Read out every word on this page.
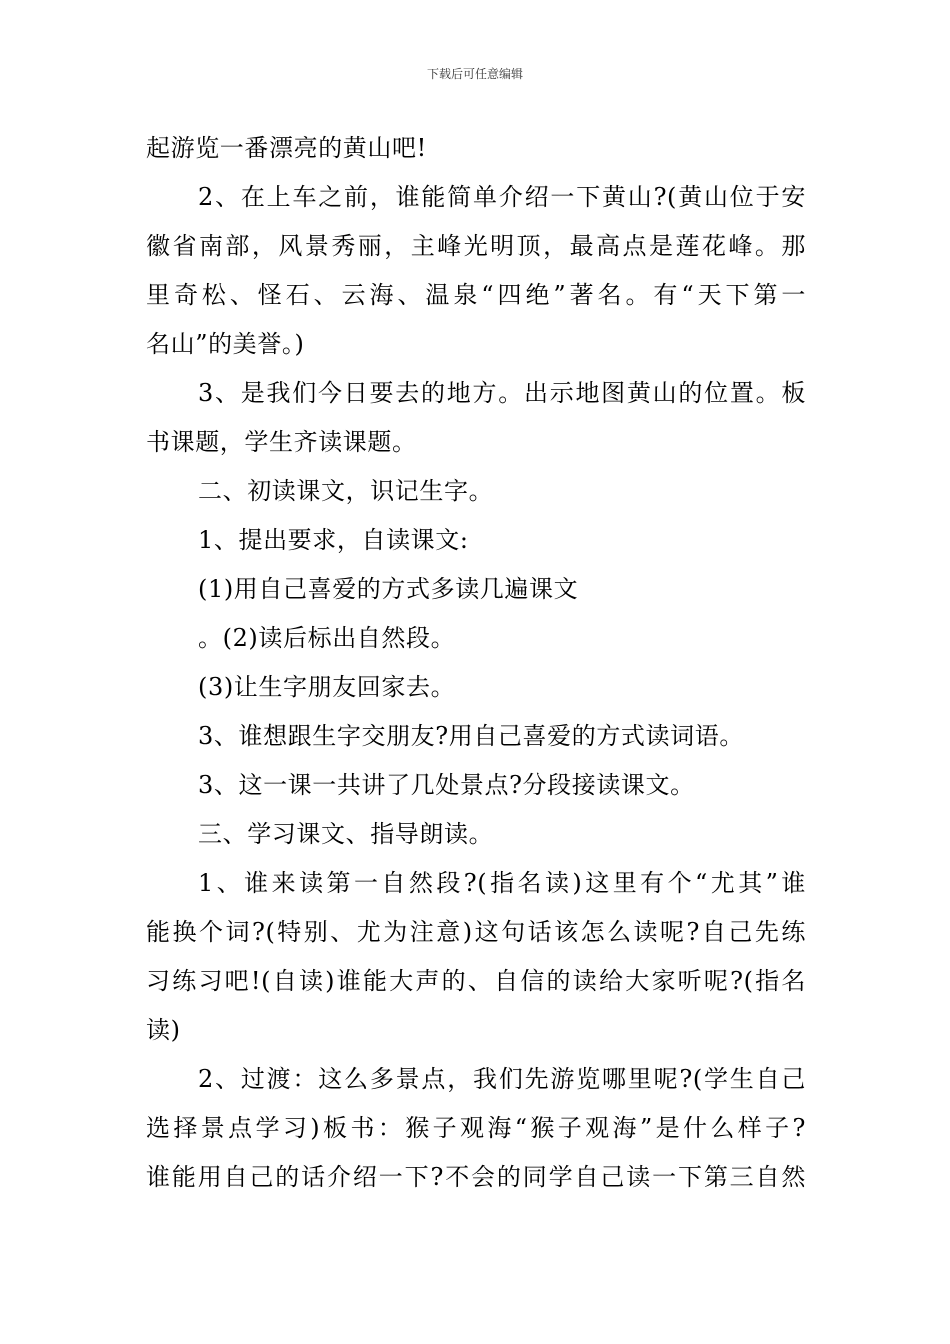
下载后可任意编辑
起游览一番漂亮的黄山吧!
2、在上车之前，谁能简单介绍一下黄山?(黄山位于安
徽省南部，风景秀丽，主峰光明顶，最高点是莲花峰。那
里奇松、怪石、云海、温泉“四绝”著名。有“天下第一
名山”的美誉。)
3、是我们今日要去的地方。出示地图黄山的位置。板
书课题，学生齐读课题。
二、初读课文，识记生字。
1、提出要求，自读课文:
(1)用自己喜爱的方式多读几遍课文
。(2)读后标出自然段。
(3)让生字朋友回家去。
3、谁想跟生字交朋友?用自己喜爱的方式读词语。
3、这一课一共讲了几处景点?分段接读课文。
三、学习课文、指导朗读。
1、谁来读第一自然段?(指名读)这里有个“尤其”谁
能换个词?(特别、尤为注意)这句话该怎么读呢?自己先练
习练习吧!(自读)谁能大声的、自信的读给大家听呢?(指名
读)
2、过渡：这么多景点，我们先游览哪里呢?(学生自己
选择景点学习)板书：猴子观海“猴子观海”是什么样子?
谁能用自己的话介绍一下?不会的同学自己读一下第三自然
